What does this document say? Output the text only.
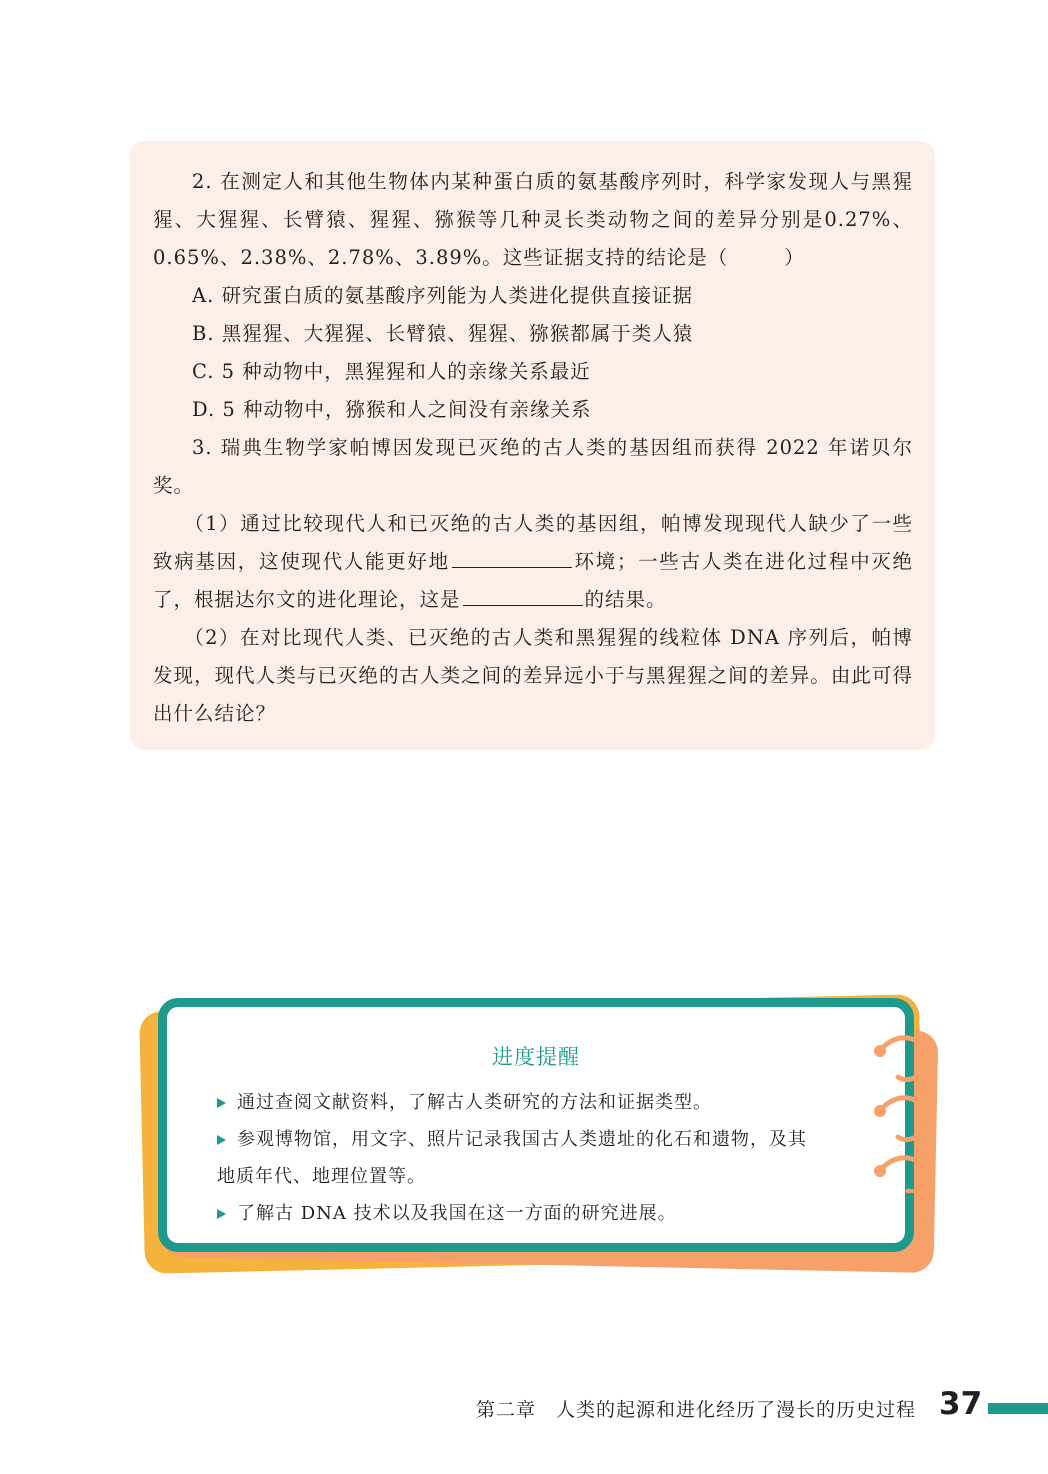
2. 在测定人和其他生物体内某种蛋白质的氨基酸序列时，科学家发现人与黑猩猩、大猩猩、长臂猿、猩猩、猕猴等几种灵长类动物之间的差异分别是0.27%、0.65%、2.38%、2.78%、3.89%。这些证据支持的结论是（	）

A. 研究蛋白质的氨基酸序列能为人类进化提供直接证据

B. 黑猩猩、大猩猩、长臂猿、猩猩、猕猴都属于类人猿

C. 5 种动物中，黑猩猩和人的亲缘关系最近

D. 5 种动物中，猕猴和人之间没有亲缘关系

3. 瑞典生物学家帕博因发现已灭绝的古人类的基因组而获得 2022 年诺贝尔奖。

（1）通过比较现代人和已灭绝的古人类的基因组，帕博发现现代人缺少了一些致病基因，这使现代人能更好地	环境；一些古人类在进化过程中灭绝了，根据达尔文的进化理论，这是	的结果。

（2）在对比现代人类、已灭绝的古人类和黑猩猩的线粒体 DNA 序列后，帕博发现，现代人类与已灭绝的古人类之间的差异远小于与黑猩猩之间的差异。由此可得出什么结论？

进度提醒

通过查阅文献资料，了解古人类研究的方法和证据类型。

参观博物馆，用文字、照片记录我国古人类遗址的化石和遗物，及其

地质年代、地理位置等。

了解古 DNA 技术以及我国在这一方面的研究进展。

第二章　人类的起源和进化经历了漫长的历史过程 37
